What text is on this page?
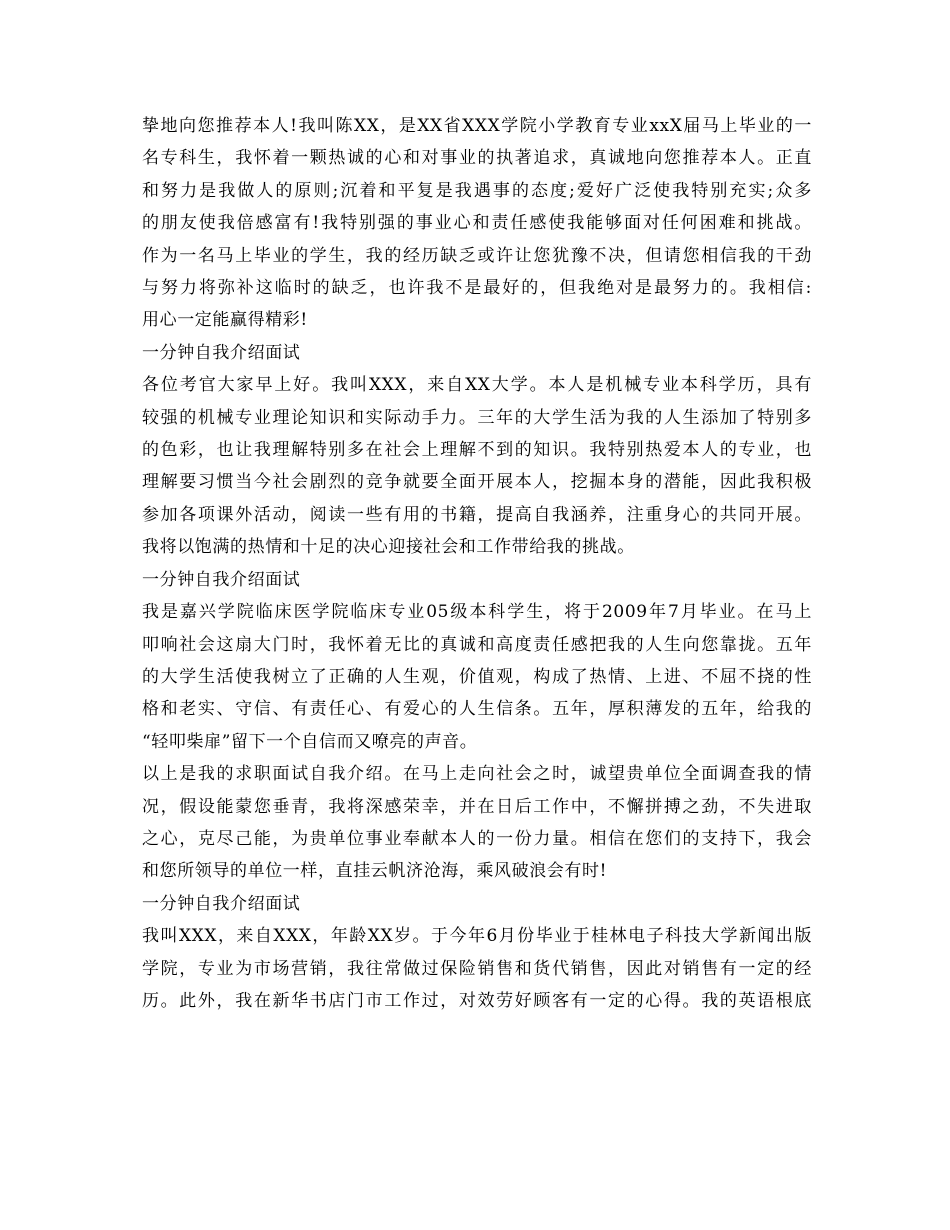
挚地向您推荐本人!我叫陈XX，是XX省XXX学院小学教育专业xxX届马上毕业的一
名专科生，我怀着一颗热诚的心和对事业的执著追求，真诚地向您推荐本人。正直
和努力是我做人的原则;沉着和平复是我遇事的态度;爱好广泛使我特别充实;众多
的朋友使我倍感富有!我特别强的事业心和责任感使我能够面对任何困难和挑战。
作为一名马上毕业的学生，我的经历缺乏或许让您犹豫不决，但请您相信我的干劲
与努力将弥补这临时的缺乏，也许我不是最好的，但我绝对是最努力的。我相信:
用心一定能赢得精彩!
一分钟自我介绍面试
各位考官大家早上好。我叫XXX，来自XX大学。本人是机械专业本科学历，具有
较强的机械专业理论知识和实际动手力。三年的大学生活为我的人生添加了特别多
的色彩，也让我理解特别多在社会上理解不到的知识。我特别热爱本人的专业，也
理解要习惯当今社会剧烈的竞争就要全面开展本人，挖掘本身的潜能，因此我积极
参加各项课外活动，阅读一些有用的书籍，提高自我涵养，注重身心的共同开展。
我将以饱满的热情和十足的决心迎接社会和工作带给我的挑战。
一分钟自我介绍面试
我是嘉兴学院临床医学院临床专业05级本科学生，将于2009年7月毕业。在马上
叩响社会这扇大门时，我怀着无比的真诚和高度责任感把我的人生向您靠拢。五年
的大学生活使我树立了正确的人生观，价值观，构成了热情、上进、不屈不挠的性
格和老实、守信、有责任心、有爱心的人生信条。五年，厚积薄发的五年，给我的
“轻叩柴扉”留下一个自信而又嘹亮的声音。
以上是我的求职面试自我介绍。在马上走向社会之时，诚望贵单位全面调查我的情
况，假设能蒙您垂青，我将深感荣幸，并在日后工作中，不懈拼搏之劲，不失进取
之心，克尽己能，为贵单位事业奉献本人的一份力量。相信在您们的支持下，我会
和您所领导的单位一样，直挂云帆济沧海，乘风破浪会有时!
一分钟自我介绍面试
我叫XXX，来自XXX，年龄XX岁。于今年6月份毕业于桂林电子科技大学新闻出版
学院，专业为市场营销，我往常做过保险销售和货代销售，因此对销售有一定的经
历。此外，我在新华书店门市工作过，对效劳好顾客有一定的心得。我的英语根底
